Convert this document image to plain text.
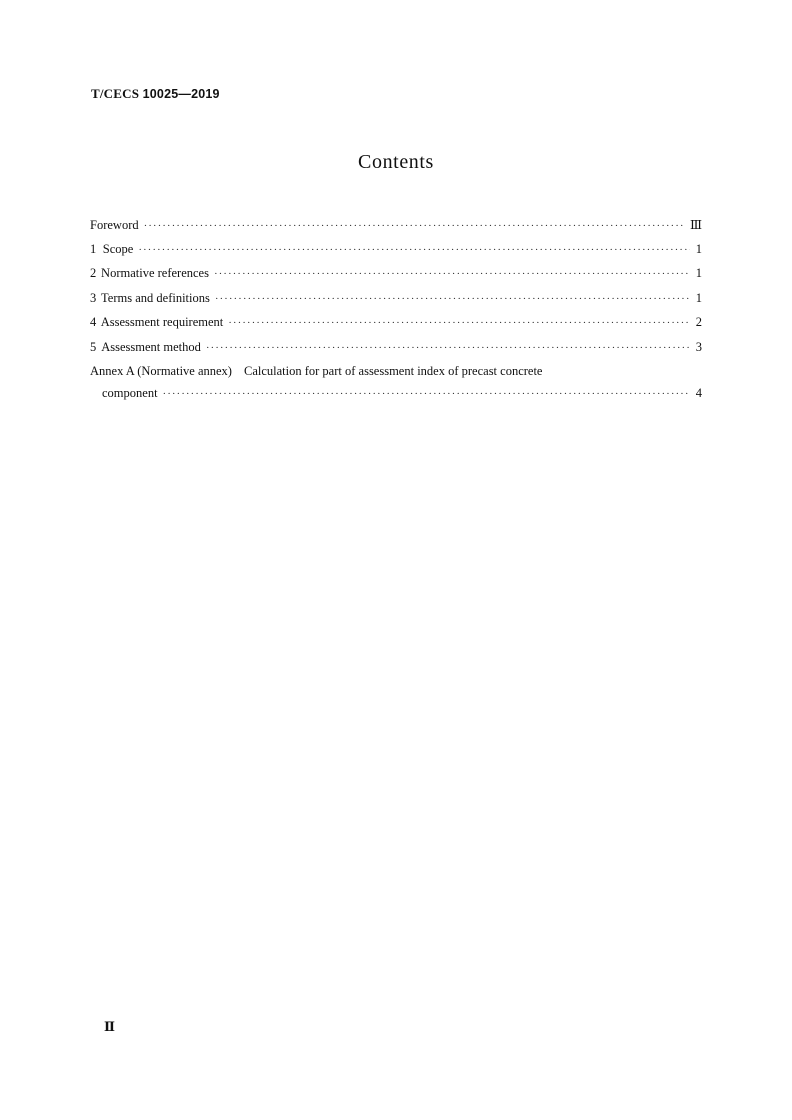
T/CECS 10025—2019
Contents
Foreword ·····	Ⅲ
1 Scope ·····	1
2 Normative references ·····	1
3 Terms and definitions ·····	1
4 Assessment requirement ·····	2
5 Assessment method ·····	3
Annex A (Normative annex) Calculation for part of assessment index of precast concrete
component ·····	4
Ⅱ
